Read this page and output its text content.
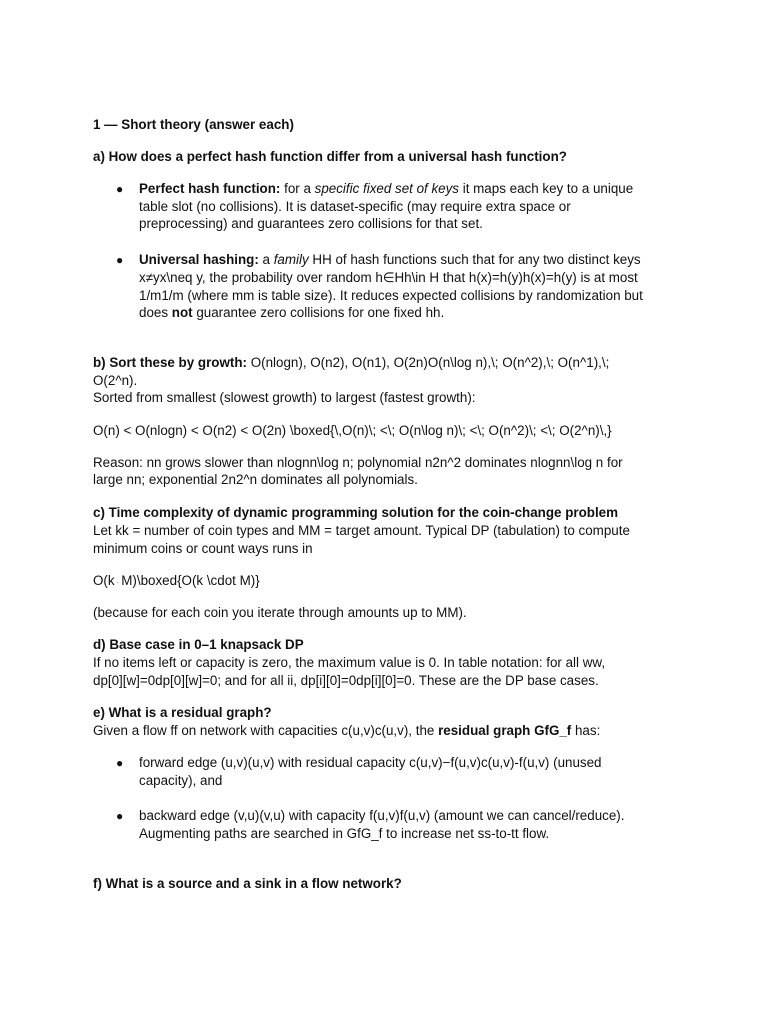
1 — Short theory (answer each)
a) How does a perfect hash function differ from a universal hash function?
● Perfect hash function: for a specific fixed set of keys it maps each key to a unique
table slot (no collisions). It is dataset-specific (may require extra space or
preprocessing) and guarantees zero collisions for that set.
● Universal hashing: a family HH of hash functions such that for any two distinct keys
x≠yx\neq y, the probability over random h∈Hh\in H that h(x)=h(y)h(x)=h(y) is at most
1/m1/m (where mm is table size). It reduces expected collisions by randomization but
does not guarantee zero collisions for one fixed hh.
b) Sort these by growth: O(nlogn), O(n2), O(n1), O(2n)O(n\log n),\; O(n^2),\; O(n^1),\;
O(2^n).
Sorted from smallest (slowest growth) to largest (fastest growth):
O(n) < O(nlogn) < O(n2) < O(2n) \boxed{\,O(n)\; <\; O(n\log n)\; <\; O(n^2)\; <\; O(2^n)\,}
Reason: nn grows slower than nlognn\log n; polynomial n2n^2 dominates nlognn\log n for
large nn; exponential 2n2^n dominates all polynomials.
c) Time complexity of dynamic programming solution for the coin-change problem
Let kk = number of coin types and MM = target amount. Typical DP (tabulation) to compute
minimum coins or count ways runs in
O(k · M)\boxed{O(k \cdot M)}
(because for each coin you iterate through amounts up to MM).
d) Base case in 0–1 knapsack DP
If no items left or capacity is zero, the maximum value is 0. In table notation: for all ww,
dp[0][w]=0dp[0][w]=0; and for all ii, dp[i][0]=0dp[i][0]=0. These are the DP base cases.
e) What is a residual graph?
Given a flow ff on network with capacities c(u,v)c(u,v), the residual graph GfG_f has:
● forward edge (u,v)(u,v) with residual capacity c(u,v)−f(u,v)c(u,v)-f(u,v) (unused
capacity), and
● backward edge (v,u)(v,u) with capacity f(u,v)f(u,v) (amount we can cancel/reduce).
Augmenting paths are searched in GfG_f to increase net ss-to-tt flow.
f) What is a source and a sink in a flow network?
